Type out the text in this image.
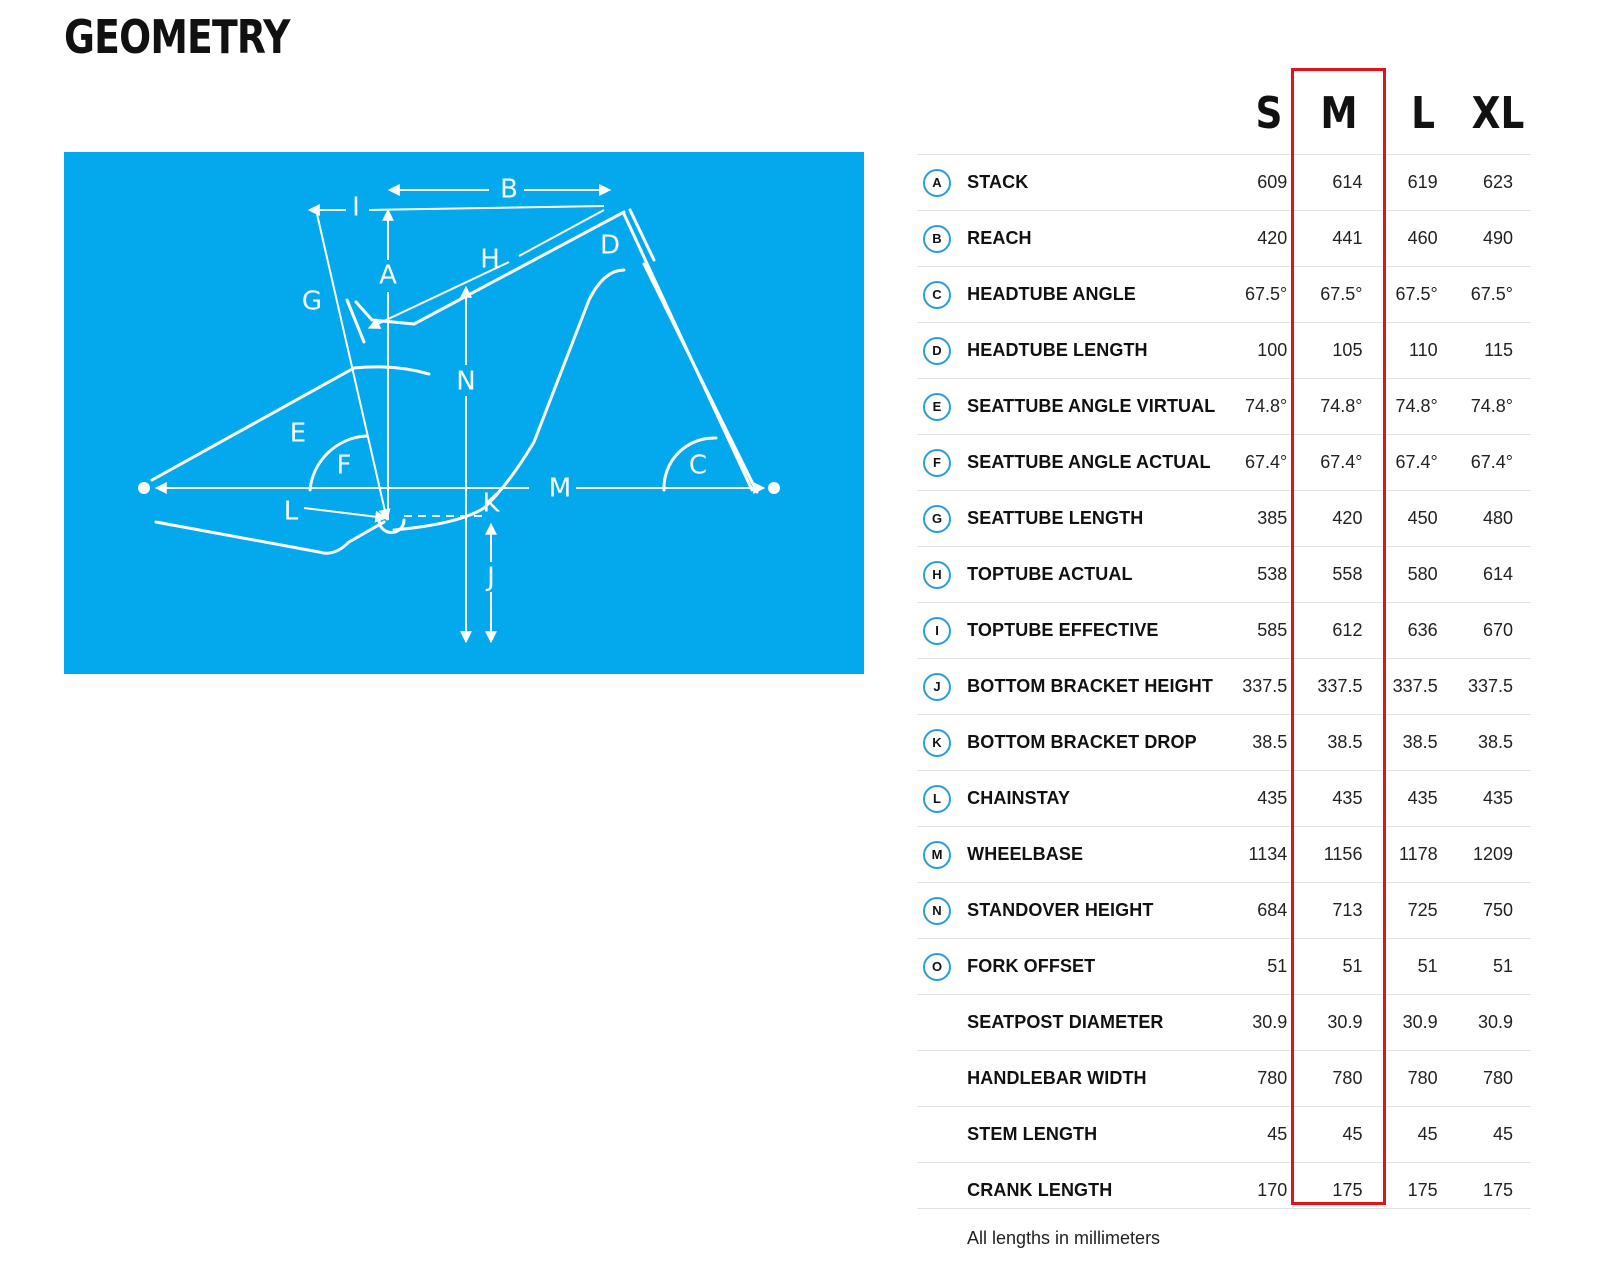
GEOMETRY
B
I
A
G
H	D
N
E
F	C
M
L	K
J
S M	L XL
A	STACK	609	614	619	623
B	REACH	420	441	460	490
C	HEADTUBE ANGLE	67.5°	67.5°	67.5°	67.5°
D	HEADTUBE LENGTH	100	105	110	115
E	SEATTUBE ANGLE VIRTUAL	74.8°	74.8°	74.8°	74.8°
F	SEATTUBE ANGLE ACTUAL	67.4°	67.4°	67.4°	67.4°
G	SEATTUBE LENGTH	385	420	450	480
H	TOPTUBE ACTUAL	538	558	580	614
I	TOPTUBE EFFECTIVE	585	612	636	670
J	BOTTOM BRACKET HEIGHT	337.5	337.5	337.5	337.5
K	BOTTOM BRACKET DROP	38.5	38.5	38.5	38.5
L	CHAINSTAY	435	435	435	435
M	WHEELBASE	1134	1156	1178	1209
N	STANDOVER HEIGHT	684	713	725	750
O	FORK OFFSET	51	51	51	51
	SEATPOST DIAMETER	30.9	30.9	30.9	30.9
	HANDLEBAR WIDTH	780	780	780	780
	STEM LENGTH	45	45	45	45
	CRANK LENGTH	170	175	175	175
All lengths in millimeters
